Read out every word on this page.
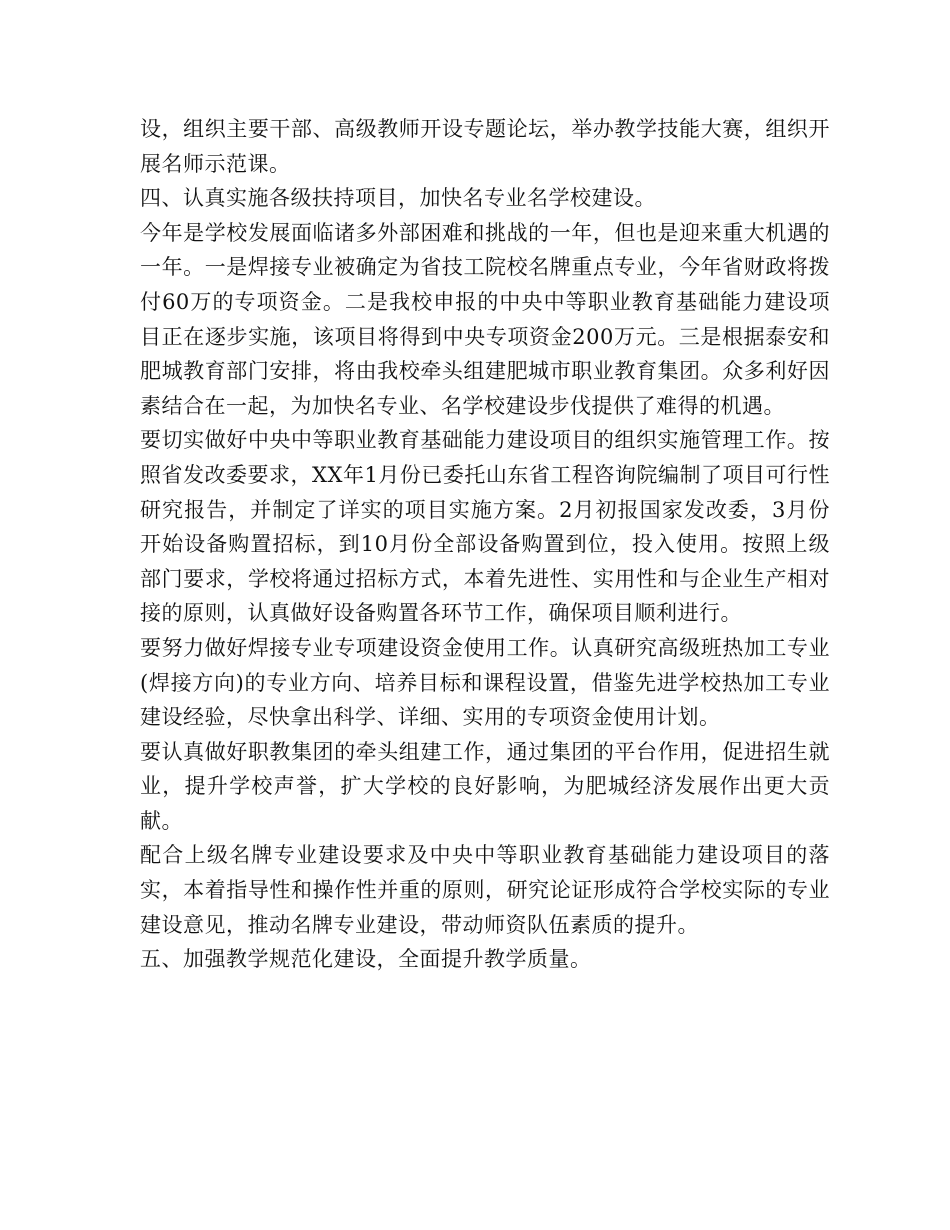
设，组织主要干部、高级教师开设专题论坛，举办教学技能大赛，组织开展名师示范课。

四、认真实施各级扶持项目，加快名专业名学校建设。

今年是学校发展面临诸多外部困难和挑战的一年，但也是迎来重大机遇的一年。一是焊接专业被确定为省技工院校名牌重点专业，今年省财政将拨付60万的专项资金。二是我校申报的中央中等职业教育基础能力建设项目正在逐步实施，该项目将得到中央专项资金200万元。三是根据泰安和肥城教育部门安排，将由我校牵头组建肥城市职业教育集团。众多利好因素结合在一起，为加快名专业、名学校建设步伐提供了难得的机遇。

要切实做好中央中等职业教育基础能力建设项目的组织实施管理工作。按照省发改委要求，XX年1月份已委托山东省工程咨询院编制了项目可行性研究报告，并制定了详实的项目实施方案。2月初报国家发改委，3月份开始设备购置招标，到10月份全部设备购置到位，投入使用。按照上级部门要求，学校将通过招标方式，本着先进性、实用性和与企业生产相对接的原则，认真做好设备购置各环节工作，确保项目顺利进行。

要努力做好焊接专业专项建设资金使用工作。认真研究高级班热加工专业(焊接方向)的专业方向、培养目标和课程设置，借鉴先进学校热加工专业建设经验，尽快拿出科学、详细、实用的专项资金使用计划。

要认真做好职教集团的牵头组建工作，通过集团的平台作用，促进招生就业，提升学校声誉，扩大学校的良好影响，为肥城经济发展作出更大贡献。

配合上级名牌专业建设要求及中央中等职业教育基础能力建设项目的落实，本着指导性和操作性并重的原则，研究论证形成符合学校实际的专业建设意见，推动名牌专业建设，带动师资队伍素质的提升。

五、加强教学规范化建设，全面提升教学质量。
